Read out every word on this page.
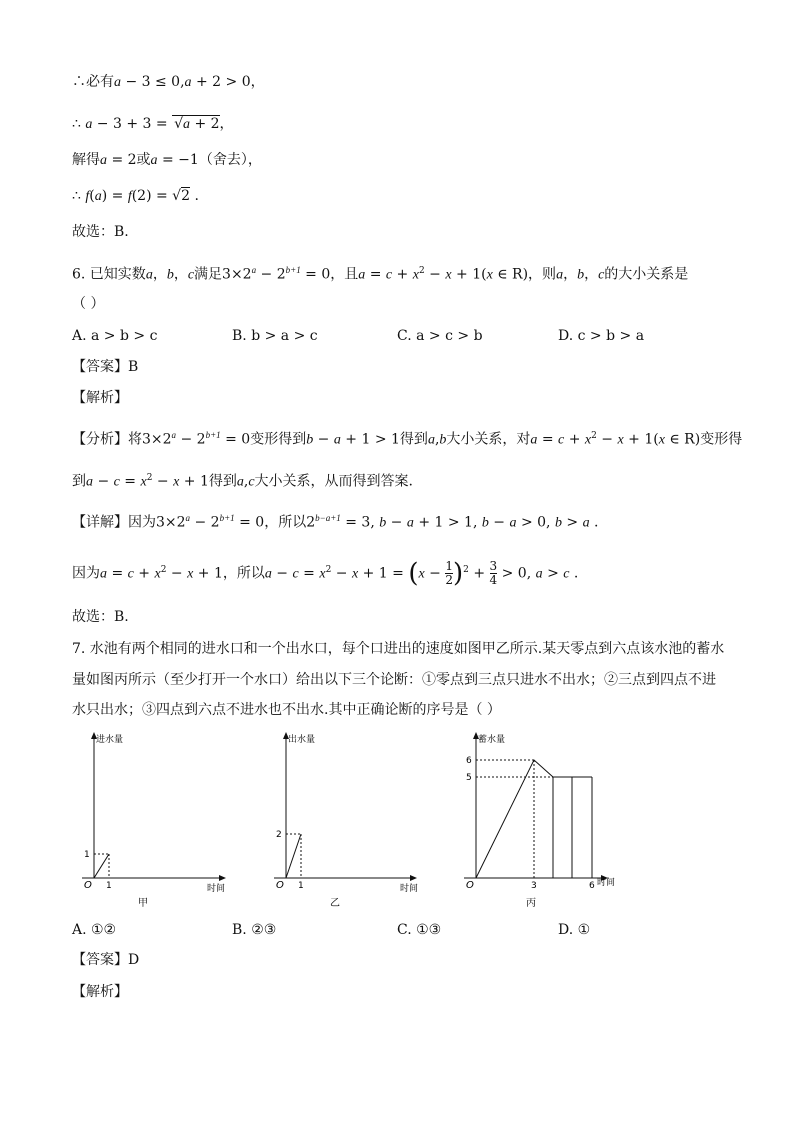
∴必有a − 3 ≤ 0,a + 2 > 0，
∴ a − 3 + 3 = √a + 2，
解得a = 2或a = −1（舍去），
∴ f(a) = f(2) = √2 .
故选：B.
6. 已知实数a，b，c满足$3\times 2^a - 2^{b+1} = 0$，且$a = c + x^2 - x + 1(x$ ∈ R)，则a，b，c的大小关系是
（ ）
A. a > b > c	B. b > a > c	C. a > c > b	D. c > b > a
【答案】B
【解析】
【分析】将$3\times 2^a - 2^{b+1} = 0$变形得到b − a + 1 > 1得到a,b大小关系，对$a = c + x^2 - x + 1(x$ ∈ R)变形得
到$a - c = x^2 - x + 1$得到a,c大小关系，从而得到答案.
【详解】因为$3\times 2^a - 2^{b+1} = 0$，所以$2^{b-a+1} = 3$, b − a + 1 > 1, b − a > 0, b > a .
因为$a = c + x^2 - x + 1$，所以$a - c = x^2 - x + 1 = (x - \frac{1}{2} )^2 + \frac{3}{4} > 0$, a > c .
故选：B.
7. 水池有两个相同的进水口和一个出水口，每个口进出的速度如图甲乙所示.某天零点到六点该水池的蓄水
量如图丙所示（至少打开一个水口）给出以下三个论断：①零点到三点只进水不出水；②三点到四点不进
水只出水；③四点到六点不进水也不出水.其中正确论断的序号是（ ）
进水量
时间
O
1
1
甲
出水量
时间
O
2
1
乙
蓄水量
时间
O
6
5
3	6
丙
A. ①②	B. ②③	C. ①③	D. ①
【答案】D
【解析】
